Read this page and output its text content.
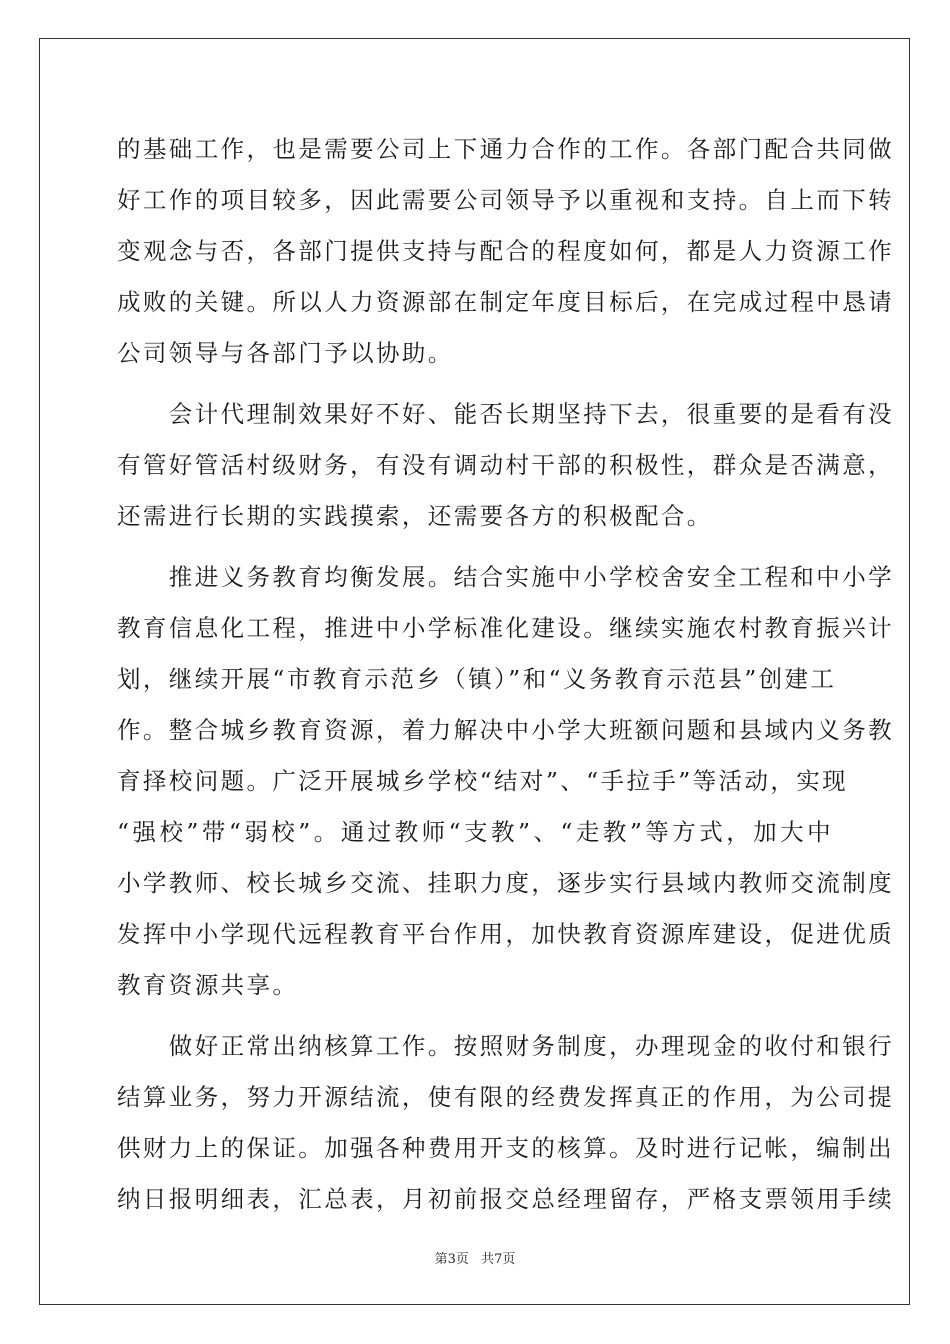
的基础工作，也是需要公司上下通力合作的工作。各部门配合共同做
好工作的项目较多，因此需要公司领导予以重视和支持。自上而下转
变观念与否，各部门提供支持与配合的程度如何，都是人力资源工作
成败的关键。所以人力资源部在制定年度目标后，在完成过程中恳请
公司领导与各部门予以协助。
　　会计代理制效果好不好、能否长期坚持下去，很重要的是看有没
有管好管活村级财务，有没有调动村干部的积极性，群众是否满意，
还需进行长期的实践摸索，还需要各方的积极配合。
　　推进义务教育均衡发展。结合实施中小学校舍安全工程和中小学
教育信息化工程，推进中小学标准化建设。继续实施农村教育振兴计
划，继续开展“市教育示范乡（镇）”和“义务教育示范县”创建工
作。整合城乡教育资源，着力解决中小学大班额问题和县域内义务教
育择校问题。广泛开展城乡学校“结对”、“手拉手”等活动，实现
“强校”带“弱校”。通过教师“支教”、“走教”等方式，加大中
小学教师、校长城乡交流、挂职力度，逐步实行县域内教师交流制度
发挥中小学现代远程教育平台作用，加快教育资源库建设，促进优质
教育资源共享。
　　做好正常出纳核算工作。按照财务制度，办理现金的收付和银行
结算业务，努力开源结流，使有限的经费发挥真正的作用，为公司提
供财力上的保证。加强各种费用开支的核算。及时进行记帐，编制出
纳日报明细表，汇总表，月初前报交总经理留存，严格支票领用手续
第3页 共7页
